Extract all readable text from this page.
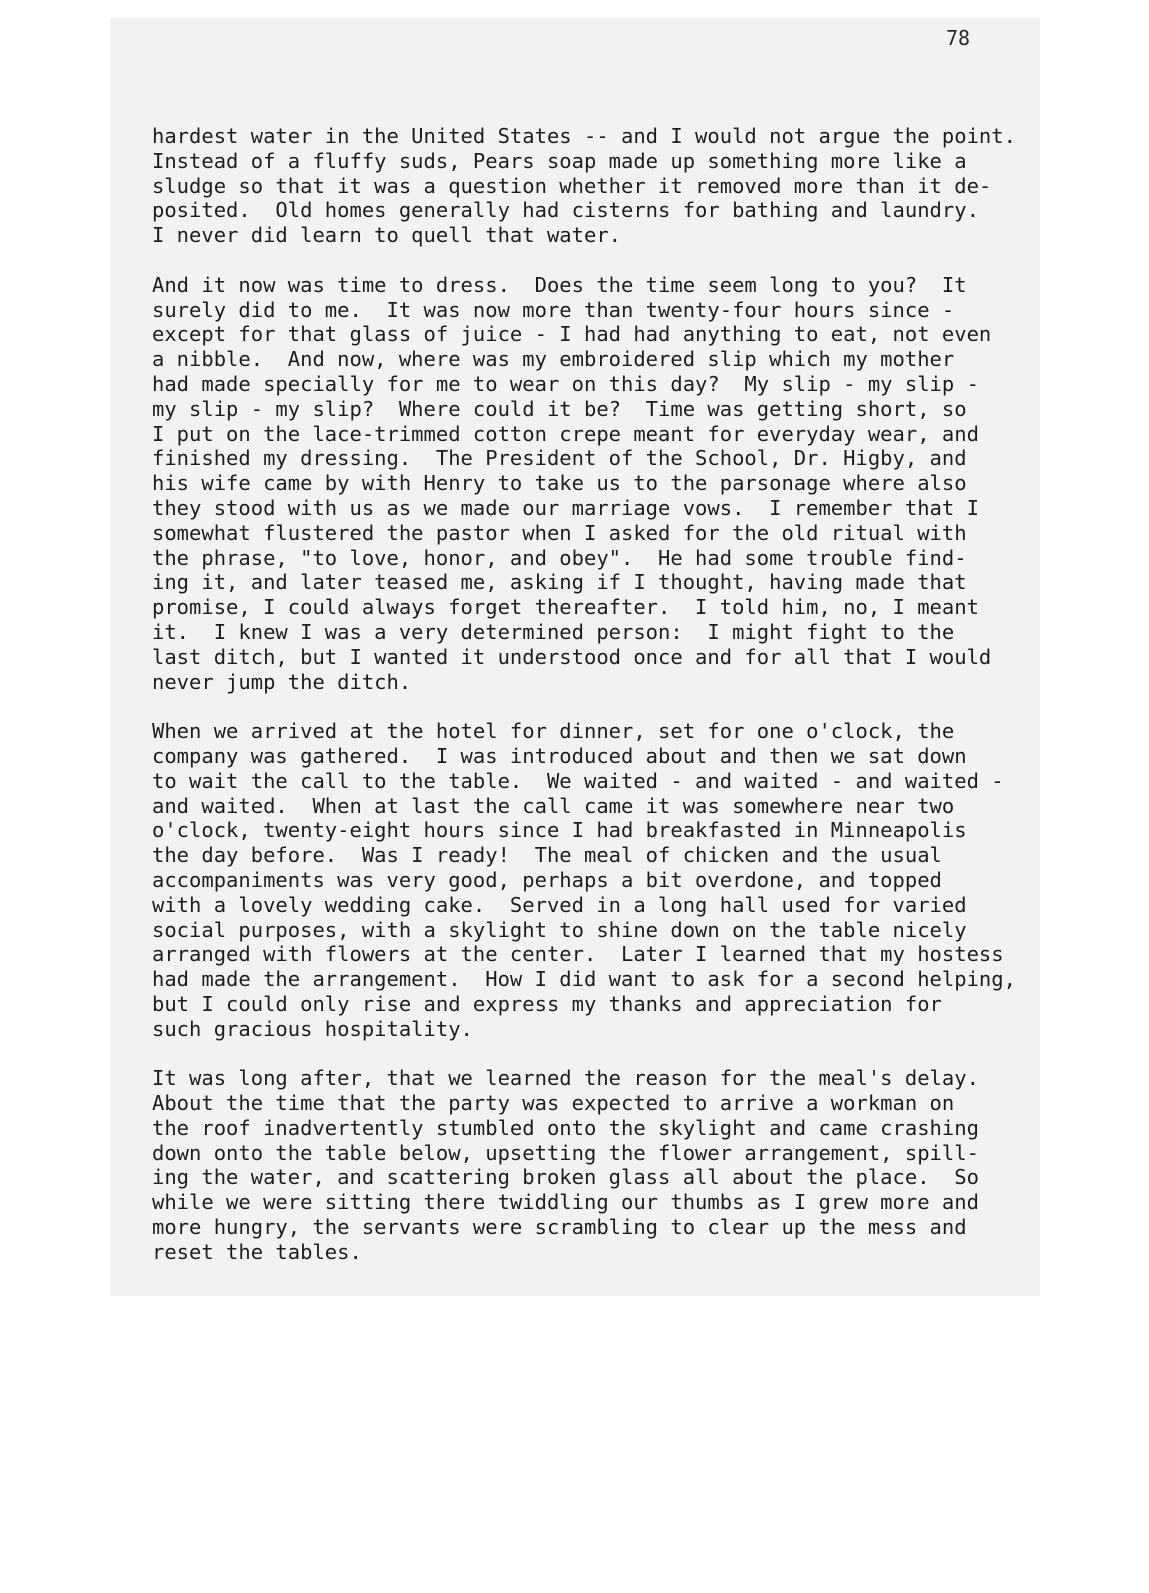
78

hardest water in the United States -- and I would not argue the point.
Instead of a fluffy suds, Pears soap made up something more like a
sludge so that it was a question whether it removed more than it de-
posited.  Old homes generally had cisterns for bathing and laundry.
I never did learn to quell that water.

And it now was time to dress.  Does the time seem long to you?  It
surely did to me.  It was now more than twenty-four hours since -
except for that glass of juice - I had had anything to eat, not even
a nibble.  And now, where was my embroidered slip which my mother
had made specially for me to wear on this day?  My slip - my slip -
my slip - my slip?  Where could it be?  Time was getting short, so
I put on the lace-trimmed cotton crepe meant for everyday wear, and
finished my dressing.  The President of the School, Dr. Higby, and
his wife came by with Henry to take us to the parsonage where also
they stood with us as we made our marriage vows.  I remember that I
somewhat flustered the pastor when I asked for the old ritual with
the phrase, "to love, honor, and obey".  He had some trouble find-
ing it, and later teased me, asking if I thought, having made that
promise, I could always forget thereafter.  I told him, no, I meant
it.  I knew I was a very determined person:  I might fight to the
last ditch, but I wanted it understood once and for all that I would
never jump the ditch.

When we arrived at the hotel for dinner, set for one o'clock, the
company was gathered.  I was introduced about and then we sat down
to wait the call to the table.  We waited - and waited - and waited -
and waited.  When at last the call came it was somewhere near two
o'clock, twenty-eight hours since I had breakfasted in Minneapolis
the day before.  Was I ready!  The meal of chicken and the usual
accompaniments was very good, perhaps a bit overdone, and topped
with a lovely wedding cake.  Served in a long hall used for varied
social purposes, with a skylight to shine down on the table nicely
arranged with flowers at the center.  Later I learned that my hostess
had made the arrangement.  How I did want to ask for a second helping,
but I could only rise and express my thanks and appreciation for
such gracious hospitality.

It was long after, that we learned the reason for the meal's delay.
About the time that the party was expected to arrive a workman on
the roof inadvertently stumbled onto the skylight and came crashing
down onto the table below, upsetting the flower arrangement, spill-
ing the water, and scattering broken glass all about the place.  So
while we were sitting there twiddling our thumbs as I grew more and
more hungry, the servants were scrambling to clear up the mess and
reset the tables.
